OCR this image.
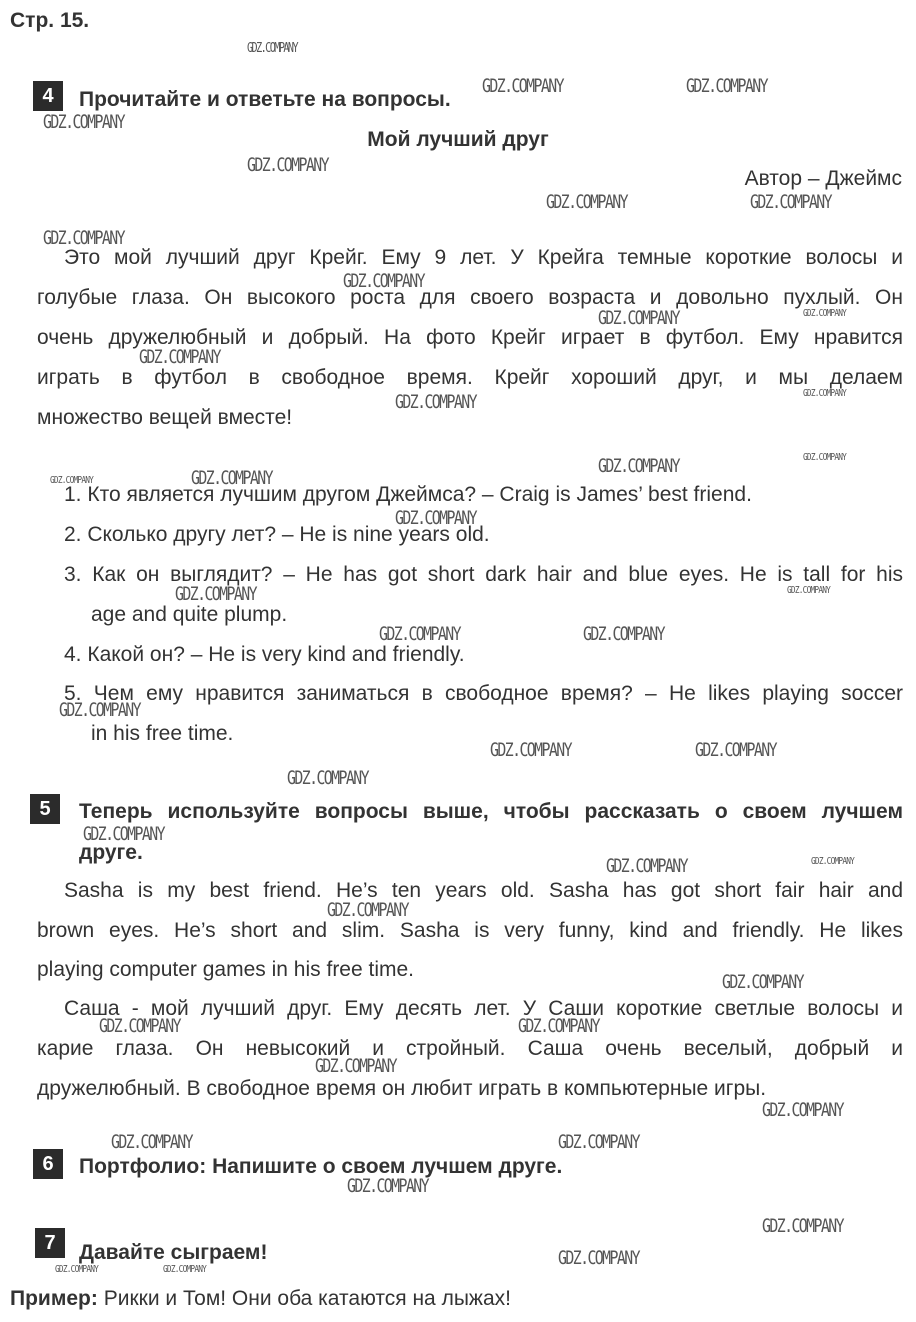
Стр. 15.
4	Прочитайте и ответьте на вопросы.
Мой лучший друг
Автор – Джеймс
Это мой лучший друг Крейг. Ему 9 лет. У Крейга темные короткие волосы и
голубые глаза. Он высокого роста для своего возраста и довольно пухлый. Он
очень дружелюбный и добрый. На фото Крейг играет в футбол. Ему нравится
играть в футбол в свободное время. Крейг хороший друг, и мы делаем
множество вещей вместе!
1. Кто является лучшим другом Джеймса? – Craig is James’ best friend.
2. Сколько другу лет? – He is nine years old.
3. Как он выглядит? – He has got short dark hair and blue eyes. He is tall for his
age and quite plump.
4. Какой он? – He is very kind and friendly.
5. Чем ему нравится заниматься в свободное время? – He likes playing soccer
in his free time.
5	Теперь используйте вопросы выше, чтобы рассказать о своем лучшем
друге.
Sasha is my best friend. He’s ten years old. Sasha has got short fair hair and
brown eyes. He’s short and slim. Sasha is very funny, kind and friendly. He likes
playing computer games in his free time.
Саша - мой лучший друг. Ему десять лет. У Саши короткие светлые волосы и
карие глаза. Он невысокий и стройный. Саша очень веселый, добрый и
дружелюбный. В свободное время он любит играть в компьютерные игры.
6	Портфолио: Напишите о своем лучшем друге.
7	Давайте сыграем!
Пример: Рикки и Том! Они оба катаются на лыжах!
GDZ.COMPANY
GDZ.COMPANY	GDZ.COMPANY
GDZ.COMPANY
GDZ.COMPANY
GDZ.COMPANY	GDZ.COMPANY
GDZ.COMPANY
GDZ.COMPANY
GDZ.COMPANY	GDZ.COMPANY
GDZ.COMPANY
GDZ.COMPANY	GDZ.COMPANY
GDZ.COMPANY	GDZ.COMPANY
GDZ.COMPANY	GDZ.COMPANY
GDZ.COMPANY
GDZ.COMPANY	GDZ.COMPANY
GDZ.COMPANY	GDZ.COMPANY
GDZ.COMPANY
GDZ.COMPANY	GDZ.COMPANY
GDZ.COMPANY
GDZ.COMPANY
GDZ.COMPANY	GDZ.COMPANY
GDZ.COMPANY
GDZ.COMPANY
GDZ.COMPANY	GDZ.COMPANY
GDZ.COMPANY
GDZ.COMPANY
GDZ.COMPANY	GDZ.COMPANY
GDZ.COMPANY
GDZ.COMPANY
GDZ.COMPANY
GDZ.COMPANY	GDZ.COMPANY
